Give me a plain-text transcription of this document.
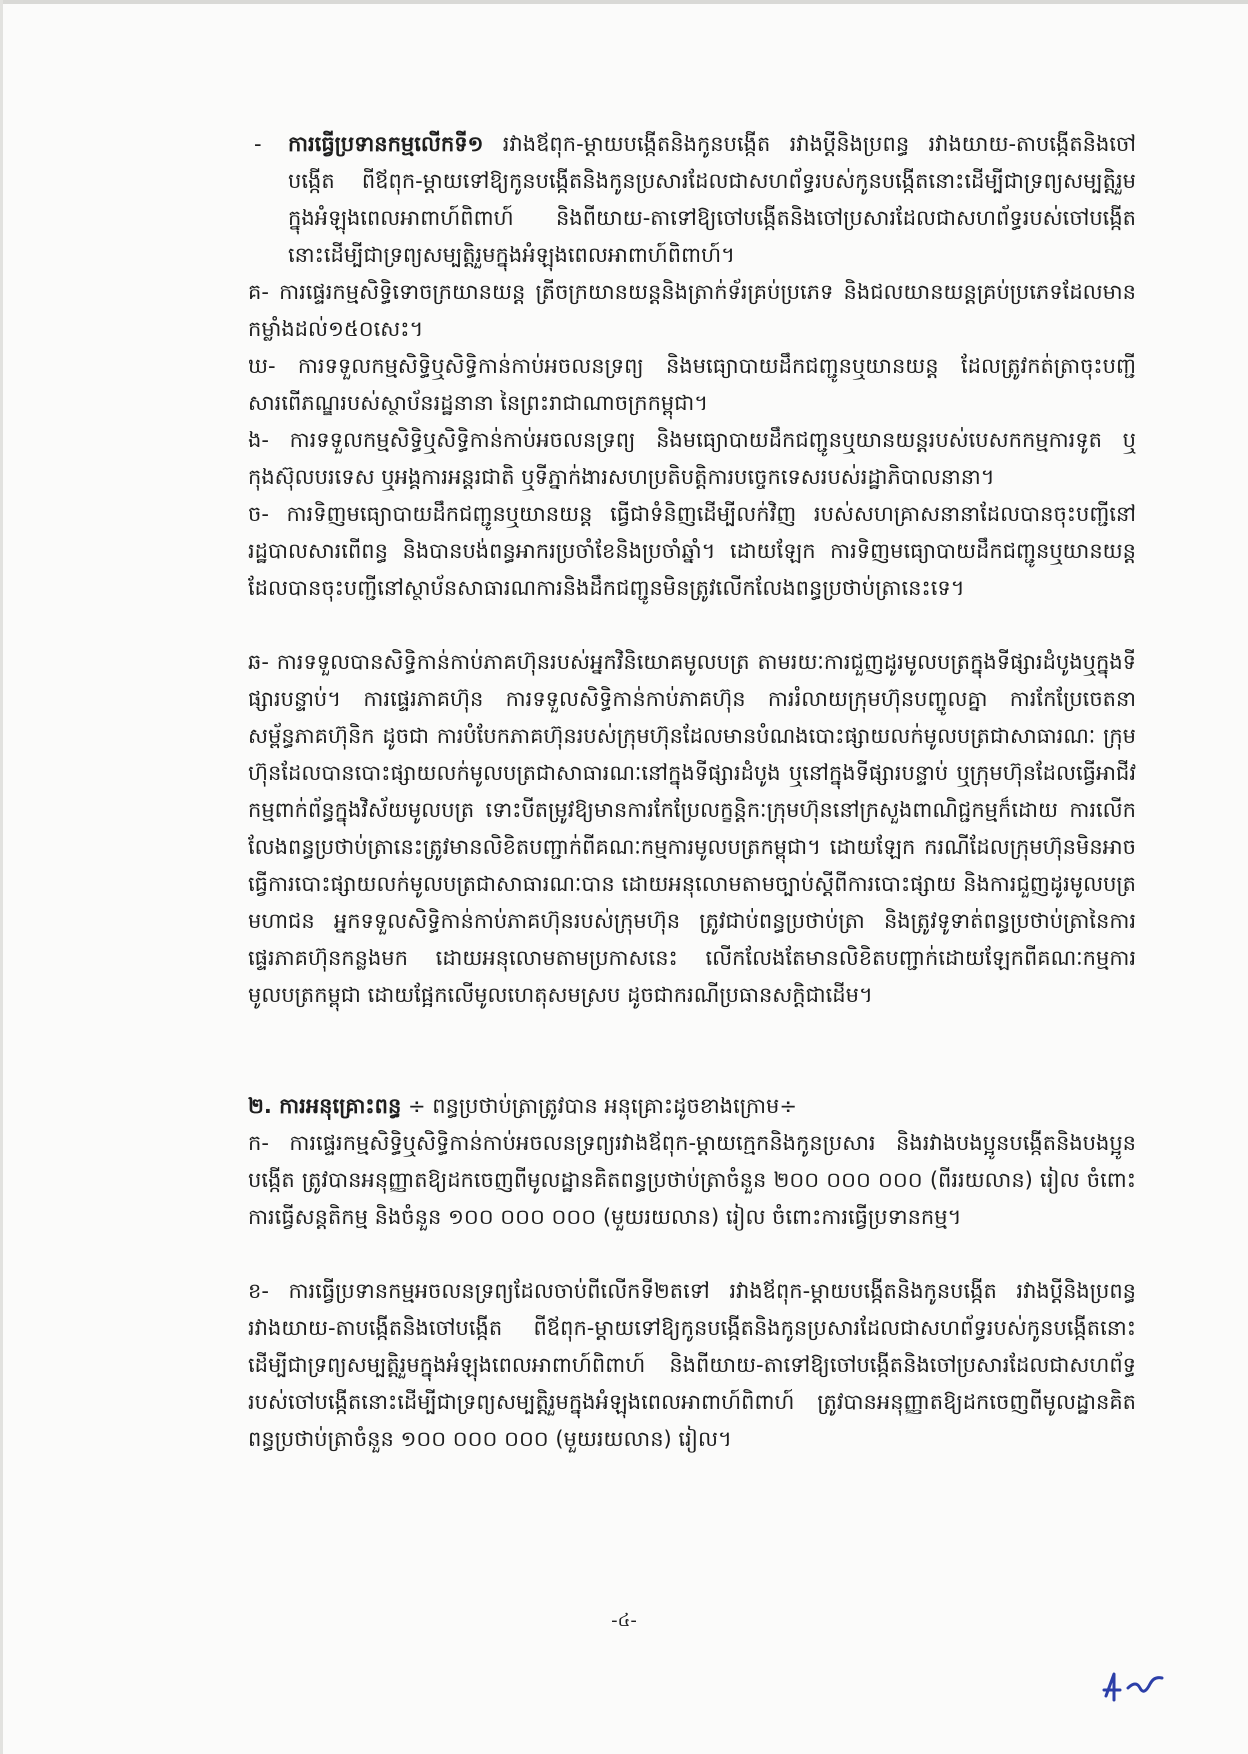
- ការធ្វើប្រទានកម្មលើកទី១ រវាងឪពុក-ម្ដាយបង្កើតនិងកូនបង្កើត រវាងប្ដីនិងប្រពន្ធ រវាងយាយ-តាបង្កើតនិងចៅបង្កើត ពីឪពុក-ម្ដាយទៅឱ្យកូនបង្កើតនិងកូនប្រសារដែលជាសហព័ទ្ធរបស់កូនបង្កើតនោះដើម្បីជាទ្រព្យសម្បត្តិរួមក្នុងអំឡុងពេលអាពាហ៍ពិពាហ៍ និងពីយាយ-តាទៅឱ្យចៅបង្កើតនិងចៅប្រសារដែលជាសហព័ទ្ធរបស់ចៅបង្កើតនោះដើម្បីជាទ្រព្យសម្បត្តិរួមក្នុងអំឡុងពេលអាពាហ៍ពិពាហ៍។
គ- ការផ្ទេរកម្មសិទ្ធិទោចក្រយានយន្ត ត្រីចក្រយានយន្តនិងត្រាក់ទ័រគ្រប់ប្រភេទ និងជលយានយន្តគ្រប់ប្រភេទដែលមានកម្លាំងដល់១៥០សេះ។
ឃ- ការទទួលកម្មសិទ្ធិឬសិទ្ធិកាន់កាប់អចលនទ្រព្យ និងមធ្យោបាយដឹកជញ្ជូនឬយានយន្ត ដែលត្រូវកត់ត្រាចុះបញ្ជីសារពើភណ្ឌរបស់ស្ថាប័នរដ្ឋនានា នៃព្រះរាជាណាចក្រកម្ពុជា។
ង- ការទទួលកម្មសិទ្ធិឬសិទ្ធិកាន់កាប់អចលនទ្រព្យ និងមធ្យោបាយដឹកជញ្ជូនឬយានយន្តរបស់បេសកកម្មការទូត ឬកុងស៊ុលបរទេស ឬអង្គការអន្តរជាតិ ឬទីភ្នាក់ងារសហប្រតិបត្តិការបច្ចេកទេសរបស់រដ្ឋាភិបាលនានា។
ច- ការទិញមធ្យោបាយដឹកជញ្ជូនឬយានយន្ត ធ្វើជាទំនិញដើម្បីលក់វិញ របស់សហគ្រាសនានាដែលបានចុះបញ្ជីនៅរដ្ឋបាលសារពើពន្ធ និងបានបង់ពន្ធអាករប្រចាំខែនិងប្រចាំឆ្នាំ។ ដោយឡែក ការទិញមធ្យោបាយដឹកជញ្ជូនឬយានយន្តដែលបានចុះបញ្ជីនៅស្ថាប័នសាធារណការនិងដឹកជញ្ជូនមិនត្រូវលើកលែងពន្ធប្រថាប់ត្រានេះទេ។
ឆ- ការទទួលបានសិទ្ធិកាន់កាប់ភាគហ៊ុនរបស់អ្នកវិនិយោគមូលបត្រ តាមរយៈការជួញដូរមូលបត្រក្នុងទីផ្សារដំបូងឬក្នុងទីផ្សារបន្ទាប់។ ការផ្ទេរភាគហ៊ុន ការទទួលសិទ្ធិកាន់កាប់ភាគហ៊ុន ការរំលាយក្រុមហ៊ុនបញ្ចូលគ្នា ការកែប្រែចេតនាសម្ព័ន្ធភាគហ៊ុនិក ដូចជា ការបំបែកភាគហ៊ុនរបស់ក្រុមហ៊ុនដែលមានបំណងបោះផ្សាយលក់មូលបត្រជាសាធារណៈ ក្រុមហ៊ុនដែលបានបោះផ្សាយលក់មូលបត្រជាសាធារណៈនៅក្នុងទីផ្សារដំបូង ឬនៅក្នុងទីផ្សារបន្ទាប់ ឬក្រុមហ៊ុនដែលធ្វើអាជីវកម្មពាក់ព័ន្ធក្នុងវិស័យមូលបត្រ ទោះបីតម្រូវឱ្យមានការកែប្រែលក្ខន្តិកៈក្រុមហ៊ុននៅក្រសួងពាណិជ្ជកម្មក៏ដោយ ការលើកលែងពន្ធប្រថាប់ត្រានេះត្រូវមានលិខិតបញ្ជាក់ពីគណៈកម្មការមូលបត្រកម្ពុជា។ ដោយឡែក ករណីដែលក្រុមហ៊ុនមិនអាចធ្វើការបោះផ្សាយលក់មូលបត្រជាសាធារណៈបាន ដោយអនុលោមតាមច្បាប់ស្ដីពីការបោះផ្សាយ និងការជួញដូរមូលបត្រមហាជន អ្នកទទួលសិទ្ធិកាន់កាប់ភាគហ៊ុនរបស់ក្រុមហ៊ុន ត្រូវជាប់ពន្ធប្រថាប់ត្រា និងត្រូវទូទាត់ពន្ធប្រថាប់ត្រានៃការផ្ទេរភាគហ៊ុនកន្លងមក ដោយអនុលោមតាមប្រកាសនេះ លើកលែងតែមានលិខិតបញ្ជាក់ដោយឡែកពីគណៈកម្មការមូលបត្រកម្ពុជា ដោយផ្អែកលើមូលហេតុសមស្រប ដូចជាករណីប្រធានសក្តិជាដើម។
២. ការអនុគ្រោះពន្ធ ÷ ពន្ធប្រថាប់ត្រាត្រូវបាន អនុគ្រោះដូចខាងក្រោម÷
ក- ការផ្ទេរកម្មសិទ្ធិឬសិទ្ធិកាន់កាប់អចលនទ្រព្យរវាងឪពុក-ម្ដាយក្មេកនិងកូនប្រសារ និងរវាងបងប្អូនបង្កើតនិងបងប្អូនបង្កើត ត្រូវបានអនុញ្ញាតឱ្យដកចេញពីមូលដ្ឋានគិតពន្ធប្រថាប់ត្រាចំនួន ២០០ ០០០ ០០០ (ពីររយលាន) រៀល ចំពោះការធ្វើសន្តតិកម្ម និងចំនួន ១០០ ០០០ ០០០ (មួយរយលាន) រៀល ចំពោះការធ្វើប្រទានកម្ម។
ខ- ការធ្វើប្រទានកម្មអចលនទ្រព្យដែលចាប់ពីលើកទី២តទៅ រវាងឪពុក-ម្ដាយបង្កើតនិងកូនបង្កើត រវាងប្ដីនិងប្រពន្ធ រវាងយាយ-តាបង្កើតនិងចៅបង្កើត ពីឪពុក-ម្ដាយទៅឱ្យកូនបង្កើតនិងកូនប្រសារដែលជាសហព័ទ្ធរបស់កូនបង្កើតនោះដើម្បីជាទ្រព្យសម្បត្តិរួមក្នុងអំឡុងពេលអាពាហ៍ពិពាហ៍ និងពីយាយ-តាទៅឱ្យចៅបង្កើតនិងចៅប្រសារដែលជាសហព័ទ្ធរបស់ចៅបង្កើតនោះដើម្បីជាទ្រព្យសម្បត្តិរួមក្នុងអំឡុងពេលអាពាហ៍ពិពាហ៍ ត្រូវបានអនុញ្ញាតឱ្យដកចេញពីមូលដ្ឋានគិតពន្ធប្រថាប់ត្រាចំនួន ១០០ ០០០ ០០០ (មួយរយលាន) រៀល។
-៤-
